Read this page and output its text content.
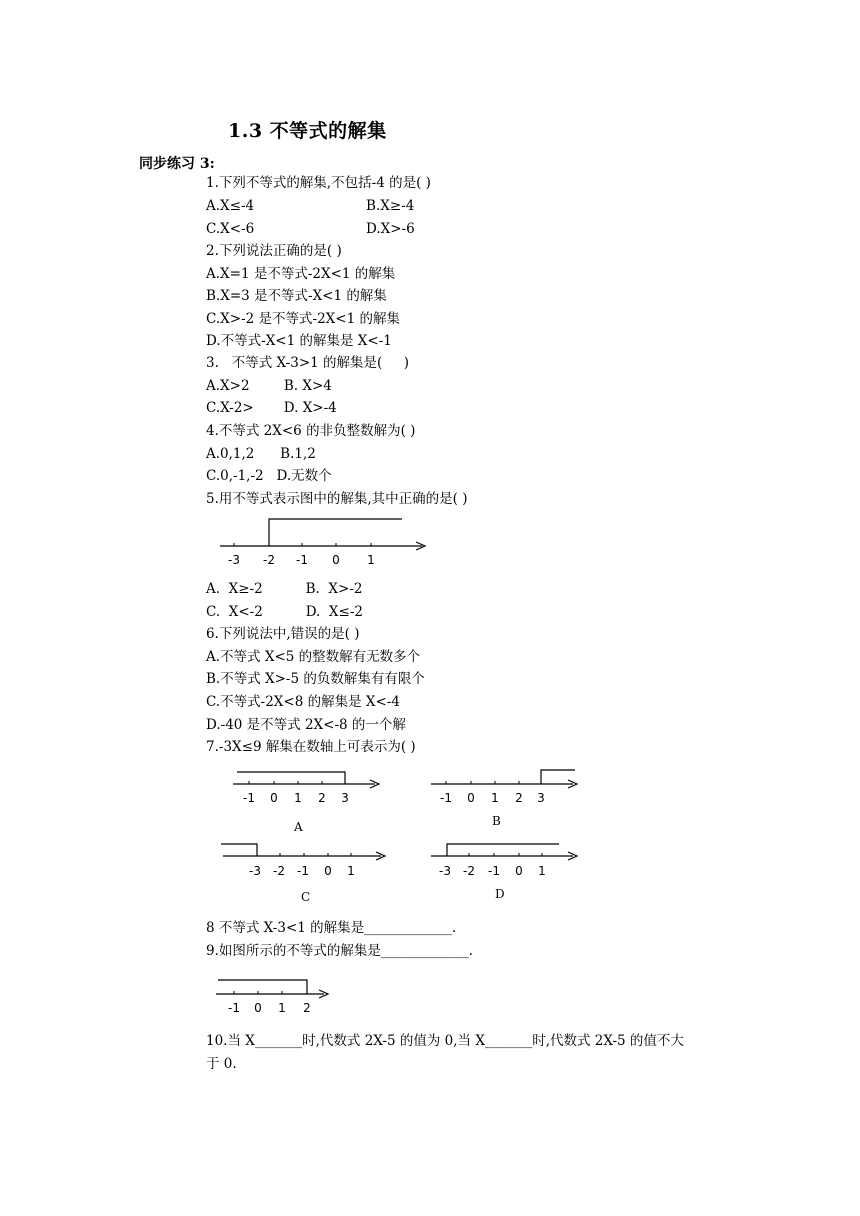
1.3 不等式的解集
同步练习 3:
1.下列不等式的解集,不包括-4 的是( )
A.X≤-4	B.X≥-4
C.X<-6	D.X>-6
2.下列说法正确的是( )
A.X=1 是不等式-2X<1 的解集
B.X=3 是不等式-X<1 的解集
C.X>-2 是不等式-2X<1 的解集
D.不等式-X<1 的解集是 X<-1
3.   不等式 X-3>1 的解集是(     )
A.X>2        B. X>4
C.X-2>       D. X>-4
4.不等式 2X<6 的非负整数解为( )
A.0,1,2      B.1,2
C.0,-1,-2   D.无数个
5.用不等式表示图中的解集,其中正确的是( )
-3 -2 -1 0 1
A.  X≥-2          B.  X>-2
C.  X<-2          D.  X≤-2
6.下列说法中,错误的是( )
A.不等式 X<5 的整数解有无数多个
B.不等式 X>-5 的负数解集有有限个
C.不等式-2X<8 的解集是 X<-4
D.-40 是不等式 2X<-8 的一个解
7.-3X≤9 解集在数轴上可表示为( )
-1 0 1 2 3
A
-1 0 1 2 3
B
-3 -2 -1 0 1
C
-3 -2 -1 0 1
D
8 不等式 X-3<1 的解集是_____________.
9.如图所示的不等式的解集是_____________.
-1 0 1 2
10.当 X_______时,代数式 2X-5 的值为 0,当 X_______时,代数式 2X-5 的值不大
于 0.
